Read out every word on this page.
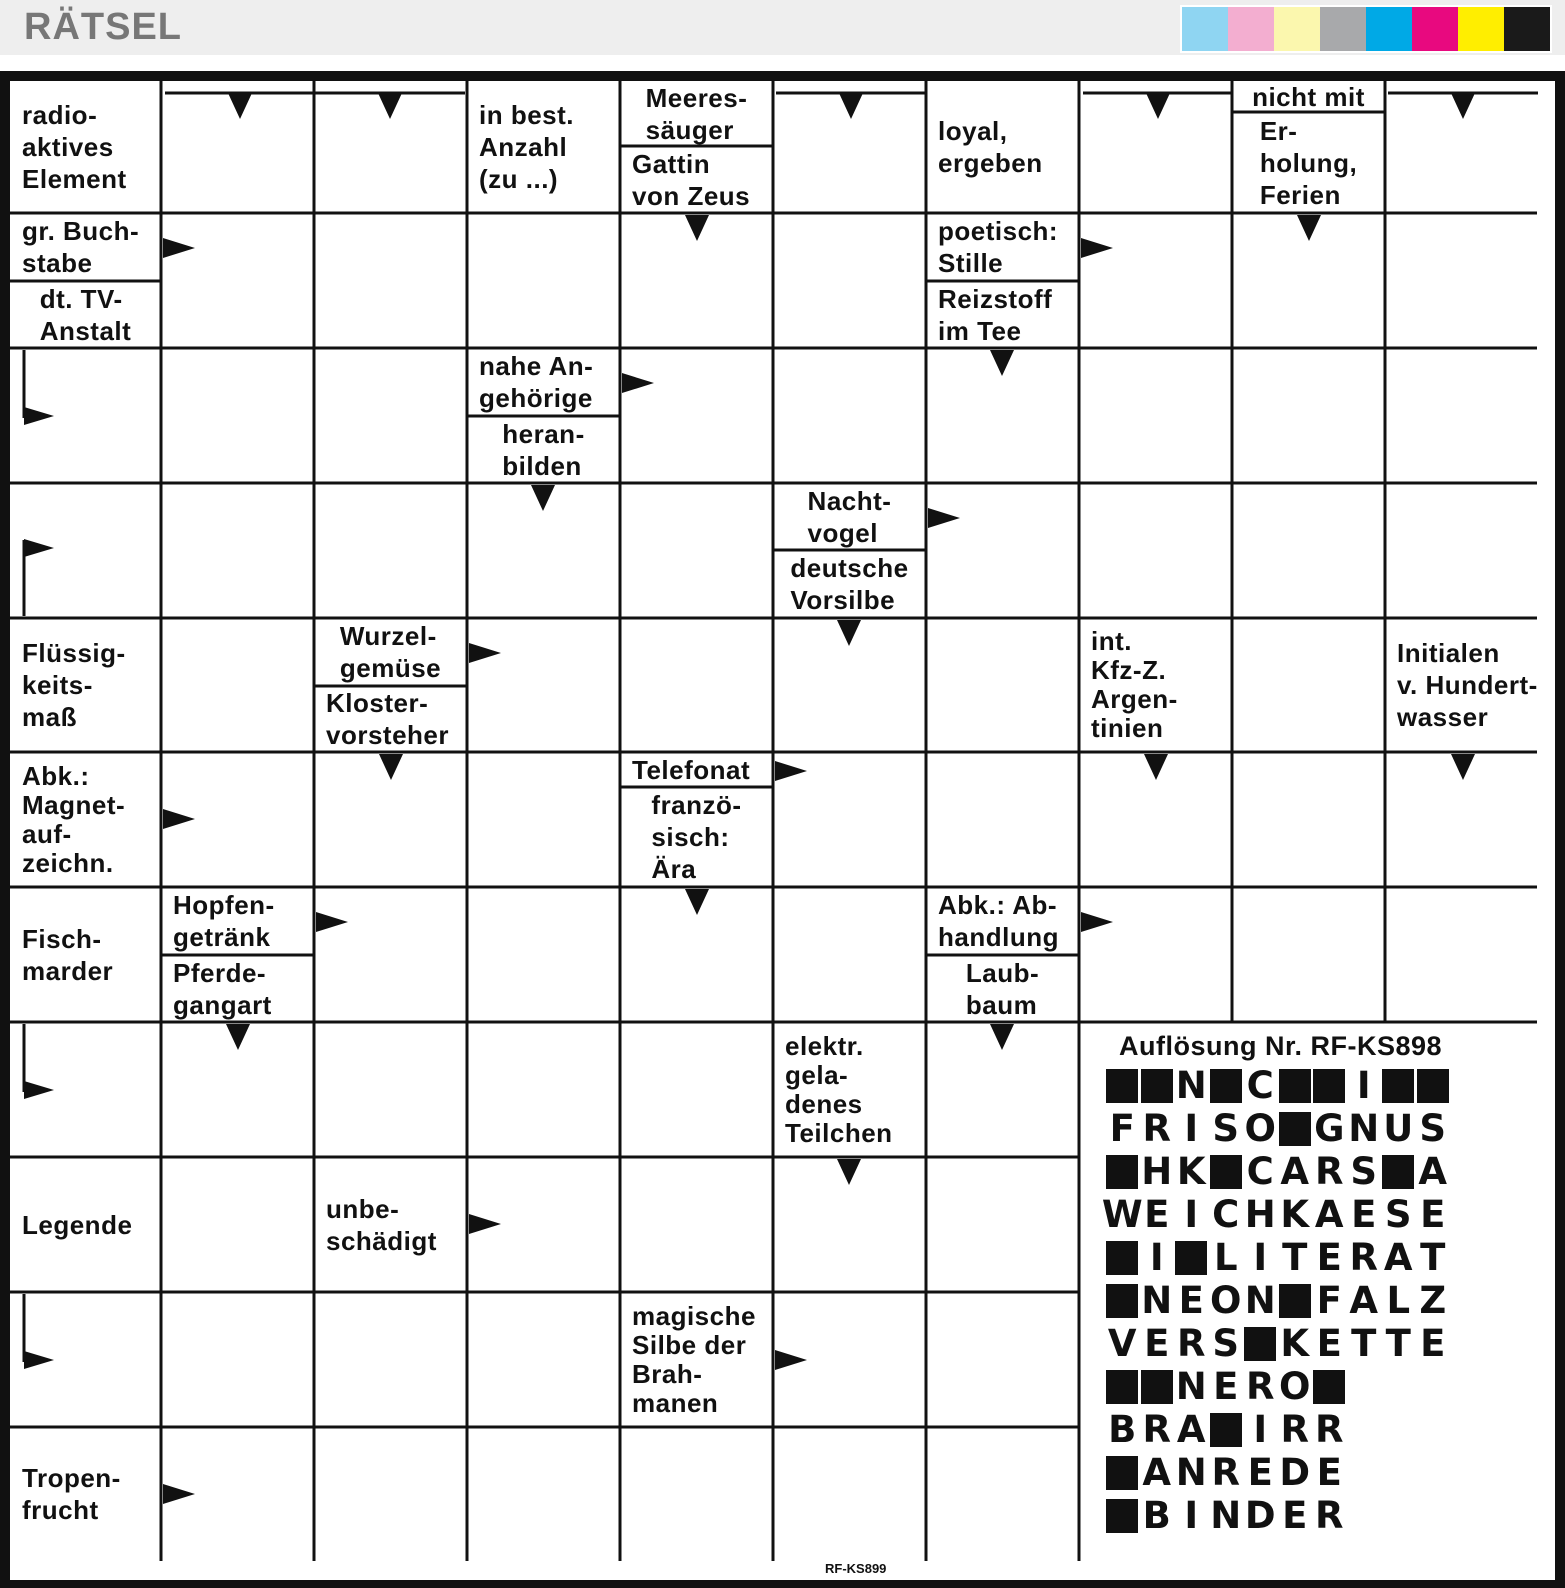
RÄTSEL
radio-
aktives
Element
in best.
Anzahl
(zu ...)
Meeres-
säuger
Gattin
von Zeus
loyal,
ergeben
nicht mit
Er-
holung,
Ferien
gr. Buch-
stabe
dt. TV-
Anstalt
poetisch:
Stille
Reizstoff
im Tee
nahe An-
gehörige
heran-
bilden
Nacht-
vogel
deutsche
Vorsilbe
Flüssig-
keits-
maß
Wurzel-
gemüse
Kloster-
vorsteher
int.
Kfz-Z.
Argen-
tinien
Initialen
v. Hundert-
wasser
Abk.:
Magnet-
auf-
zeichn.
Telefonat
franzö-
sisch:
Ära
Fisch-
marder
Hopfen-
getränk
Pferde-
gangart
Abk.: Ab-
handlung
Laub-
baum
elektr.
gela-
denes
Teilchen
Legende
unbe-
schädigt
magische
Silbe der
Brah-
manen
Tropen-
frucht
Auflösung Nr. RF-KS898
N C I
F R I S O G N U S
H K C A R S A
W E I C H K A E S E
I L I T E R A T
N E O N F A L Z
V E R S K E T T E
N E R O
B R A I R R
A N R E D E
B I N D E R
RF-KS899
